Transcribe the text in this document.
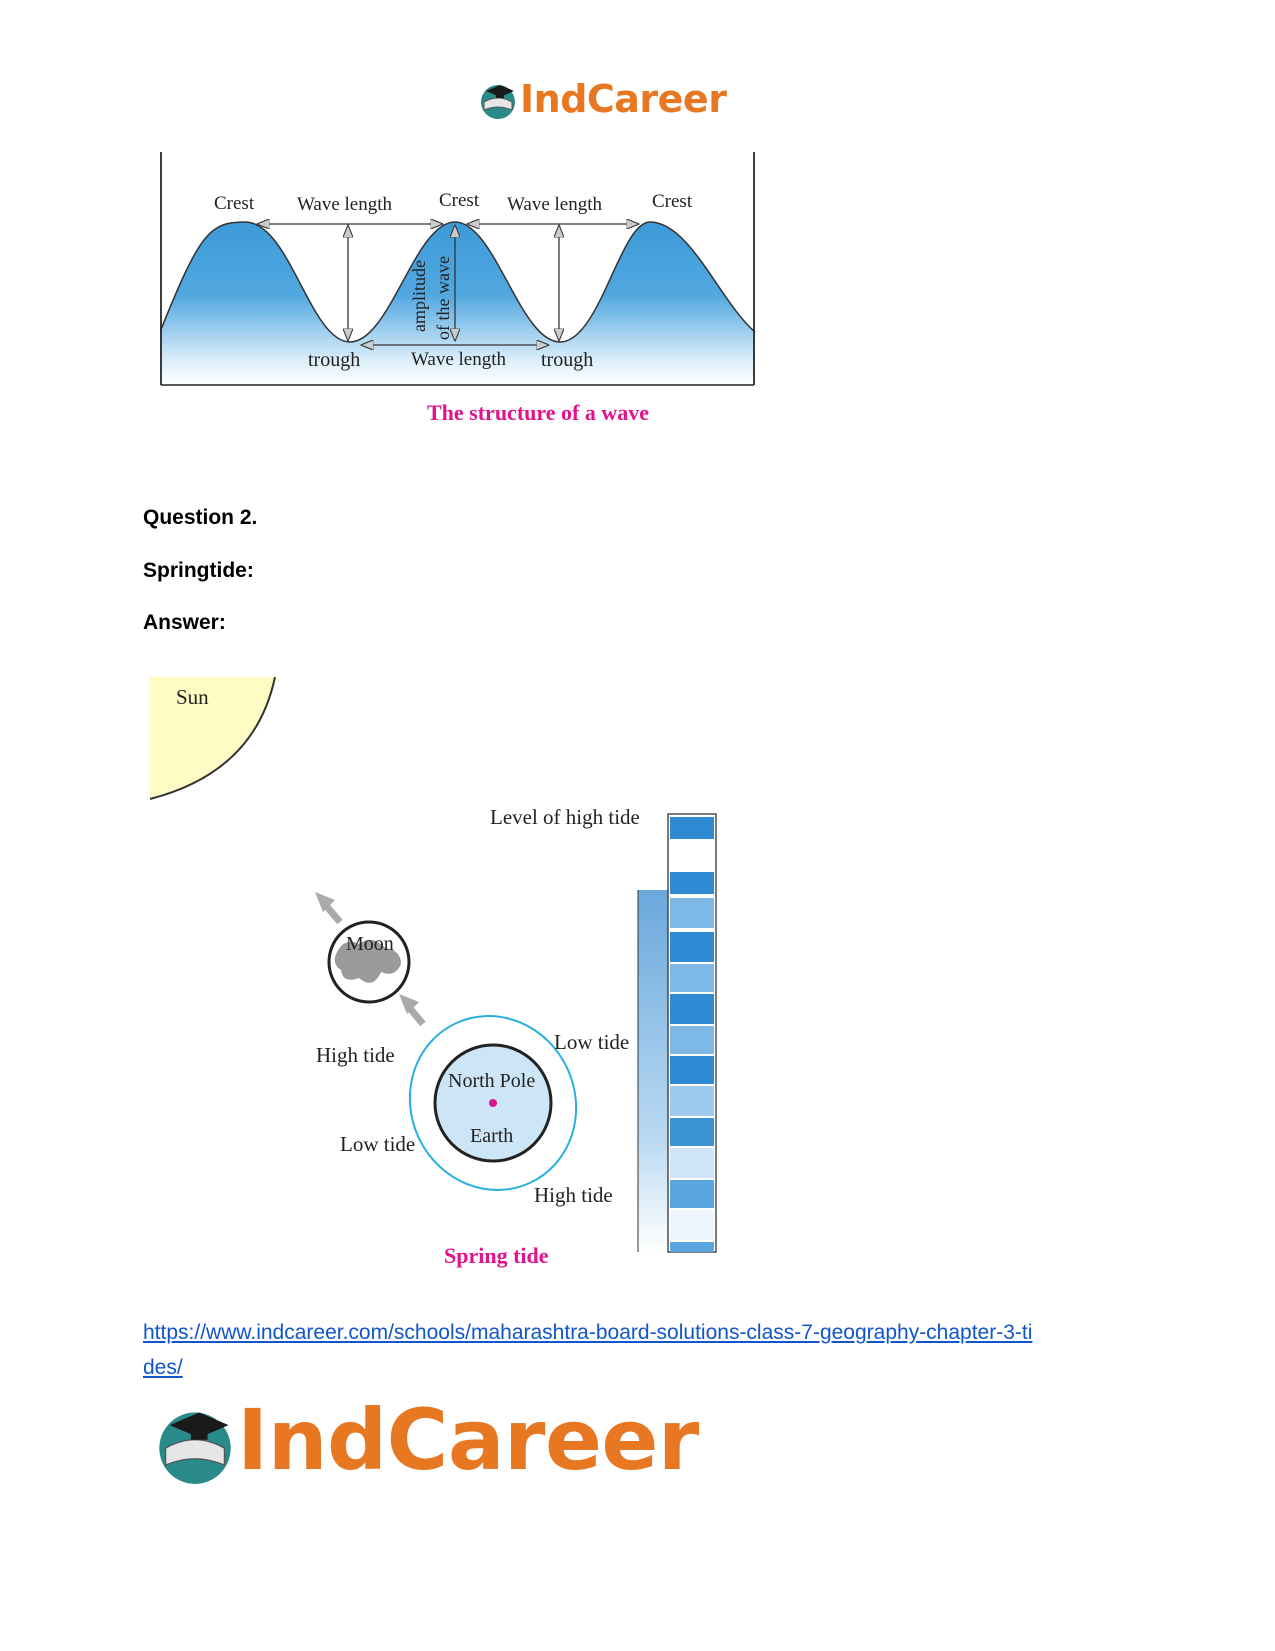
IndCareer
Crest Wave length Crest Wave length	Crest
trough	Wave length trough
amplitude of the wave
The structure of a wave
Question 2.
Springtide:
Answer:
Sun
Level of high tide
Moon
North Pole
Earth
High tide
Low tide
Low tide
High tide
Spring tide
https://www.indcareer.com/schools/maharashtra-board-solutions-class-7-geography-chapter-3-ti
des/
IndCareer
